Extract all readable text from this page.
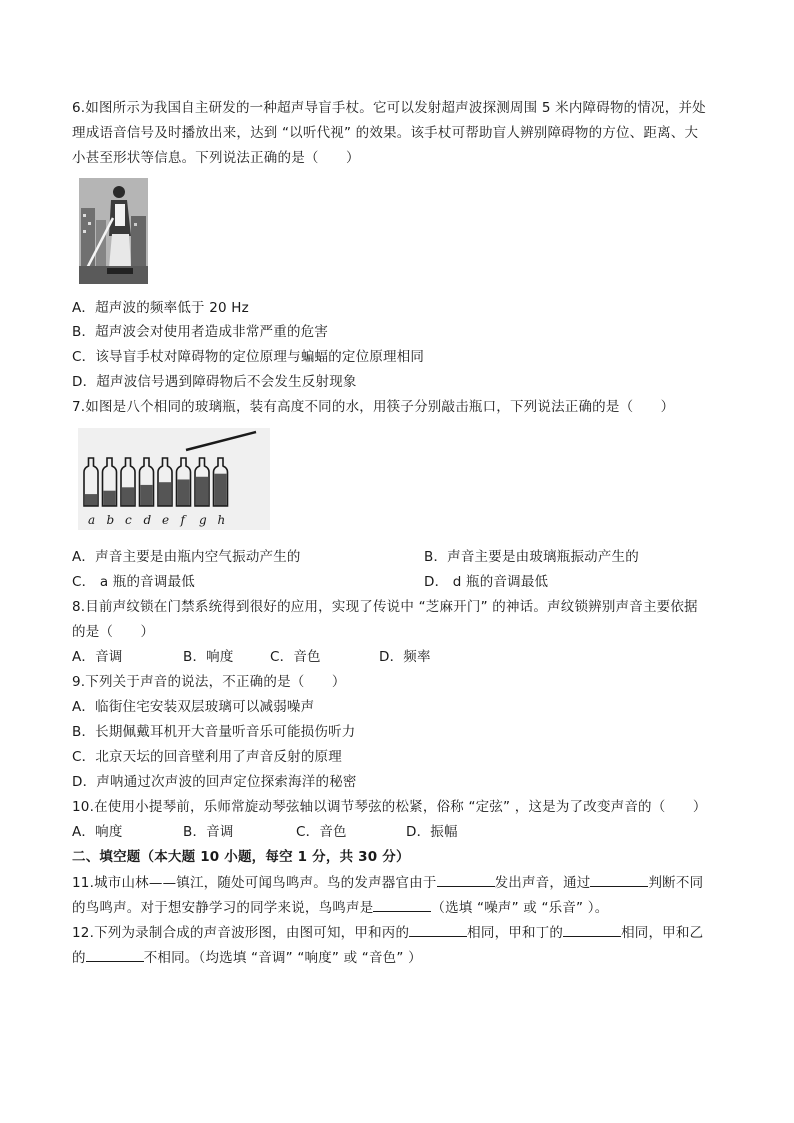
6.如图所示为我国自主研发的一种超声导盲手杖。它可以发射超声波探测周围 5 米内障碍物的情况，并处
理成语音信号及时播放出来，达到 “以听代视” 的效果。该手杖可帮助盲人辨别障碍物的方位、距离、大
小甚至形状等信息。下列说法正确的是（　　）
A．超声波的频率低于 20 Hz
B．超声波会对使用者造成非常严重的危害
C．该导盲手杖对障碍物的定位原理与蝙蝠的定位原理相同
D．超声波信号遇到障碍物后不会发生反射现象
7.如图是八个相同的玻璃瓶，装有高度不同的水，用筷子分别敲击瓶口，下列说法正确的是（　　）
a b c d e f g h
A．声音主要是由瓶内空气振动产生的	B．声音主要是由玻璃瓶振动产生的
C． a 瓶的音调最低	D． d 瓶的音调最低
8.目前声纹锁在门禁系统得到很好的应用，实现了传说中 “芝麻开门” 的神话。声纹锁辨别声音主要依据
的是（　　）
A．音调	B．响度	C．音色	D．频率
9.下列关于声音的说法，不正确的是（　　）
A．临街住宅安装双层玻璃可以减弱噪声
B．长期佩戴耳机开大音量听音乐可能损伤听力
C．北京天坛的回音壁利用了声音反射的原理
D．声呐通过次声波的回声定位探索海洋的秘密
10.在使用小提琴前，乐师常旋动琴弦轴以调节琴弦的松紧，俗称 “定弦” ，这是为了改变声音的（　　）
A．响度	B．音调	C．音色	D．振幅
二、填空题（本大题 10 小题，每空 1 分，共 30 分）
11.城市山林——镇江，随处可闻鸟鸣声。鸟的发声器官由于	发出声音，通过	判断不同
的鸟鸣声。对于想安静学习的同学来说，鸟鸣声是	（选填 “噪声” 或 “乐音” ）。
12.下列为录制合成的声音波形图，由图可知，甲和丙的	相同，甲和丁的	相同，甲和乙
的	不相同。（均选填 “音调” “响度” 或 “音色” ）
